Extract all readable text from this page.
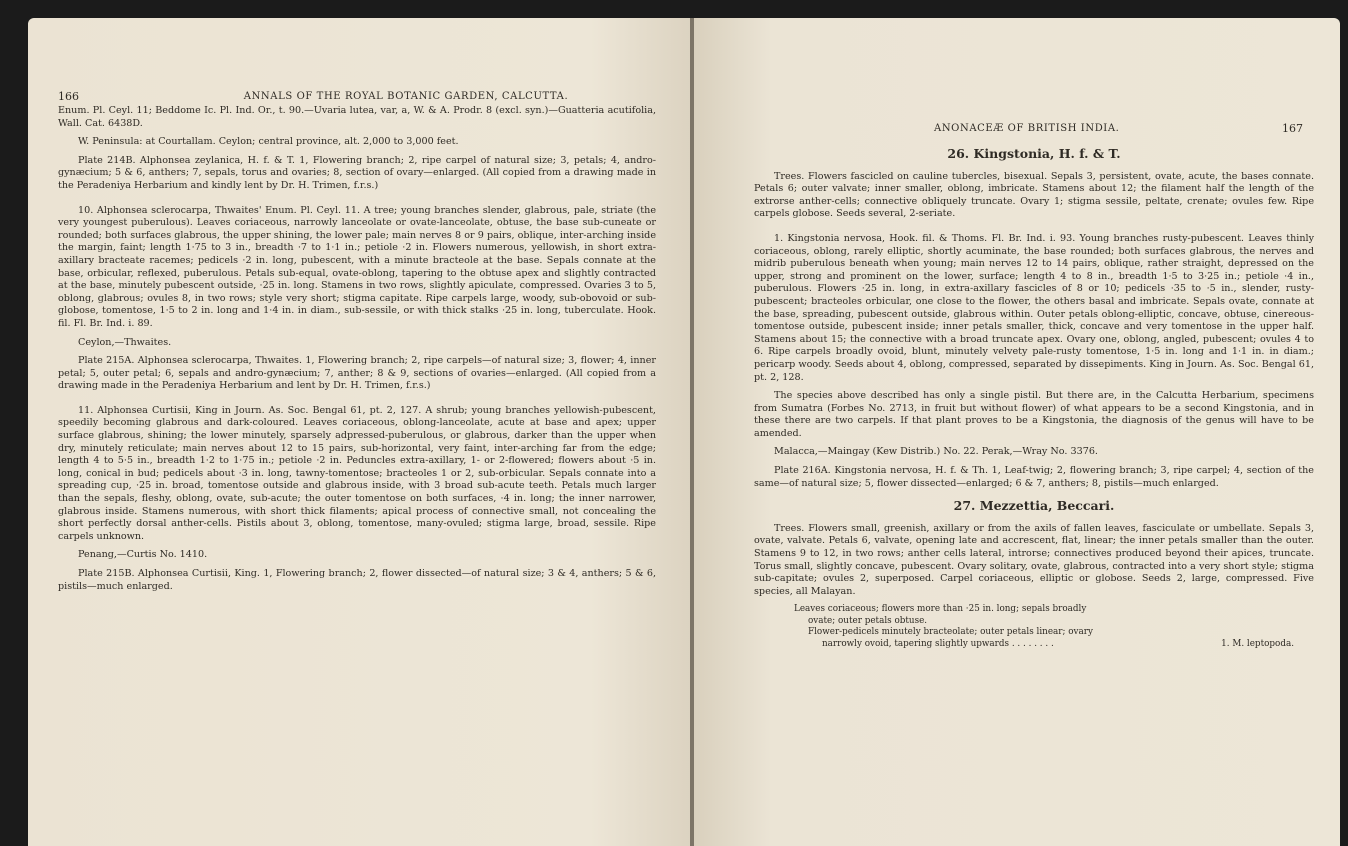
166	ANNALS OF THE ROYAL BOTANIC GARDEN, CALCUTTA.

Enum. Pl. Ceyl. 11; Beddome Ic. Pl. Ind. Or., t. 90.—Uvaria lutea, var, a, W. & A. Prodr. 8 (excl. syn.)—Guatteria acutifolia, Wall. Cat. 6438D.

W. Peninsula: at Courtallam. Ceylon; central province, alt. 2,000 to 3,000 feet.

Plate 214B. Alphonsea zeylanica, H. f. & T. 1, Flowering branch; 2, ripe carpel of natural size; 3, petals; 4, andro-gynæcium; 5 & 6, anthers; 7, sepals, torus and ovaries; 8, section of ovary—enlarged. (All copied from a drawing made in the Peradeniya Herbarium and kindly lent by Dr. H. Trimen, f.r.s.)

10. Alphonsea sclerocarpa, Thwaites' Enum. Pl. Ceyl. 11. A tree; young branches slender, glabrous, pale, striate (the very youngest puberulous). Leaves coriaceous, narrowly lanceolate or ovate-lanceolate, obtuse, the base sub-cuneate or rounded; both surfaces glabrous, the upper shining, the lower pale; main nerves 8 or 9 pairs, oblique, inter-arching inside the margin, faint; length 1·75 to 3 in., breadth ·7 to 1·1 in.; petiole ·2 in. Flowers numerous, yellowish, in short extra-axillary bracteate racemes; pedicels ·2 in. long, pubescent, with a minute bracteole at the base. Sepals connate at the base, orbicular, reflexed, puberulous. Petals sub-equal, ovate-oblong, tapering to the obtuse apex and slightly contracted at the base, minutely pubescent outside, ·25 in. long. Stamens in two rows, slightly apiculate, compressed. Ovaries 3 to 5, oblong, glabrous; ovules 8, in two rows; style very short; stigma capitate. Ripe carpels large, woody, sub-obovoid or sub-globose, tomentose, 1·5 to 2 in. long and 1·4 in. in diam., sub-sessile, or with thick stalks ·25 in. long, tuberculate. Hook. fil. Fl. Br. Ind. i. 89.

Ceylon,—Thwaites.

Plate 215A. Alphonsea sclerocarpa, Thwaites. 1, Flowering branch; 2, ripe carpels—of natural size; 3, flower; 4, inner petal; 5, outer petal; 6, sepals and andro-gynæcium; 7, anther; 8 & 9, sections of ovaries—enlarged. (All copied from a drawing made in the Peradeniya Herbarium and lent by Dr. H. Trimen, f.r.s.)

11. Alphonsea Curtisii, King in Journ. As. Soc. Bengal 61, pt. 2, 127. A shrub; young branches yellowish-pubescent, speedily becoming glabrous and dark-coloured. Leaves coriaceous, oblong-lanceolate, acute at base and apex; upper surface glabrous, shining; the lower minutely, sparsely adpressed-puberulous, or glabrous, darker than the upper when dry, minutely reticulate; main nerves about 12 to 15 pairs, sub-horizontal, very faint, inter-arching far from the edge; length 4 to 5·5 in., breadth 1·2 to 1·75 in.; petiole ·2 in. Peduncles extra-axillary, 1- or 2-flowered; flowers about ·5 in. long, conical in bud; pedicels about ·3 in. long, tawny-tomentose; bracteoles 1 or 2, sub-orbicular. Sepals connate into a spreading cup, ·25 in. broad, tomentose outside and glabrous inside, with 3 broad sub-acute teeth. Petals much larger than the sepals, fleshy, oblong, ovate, sub-acute; the outer tomentose on both surfaces, ·4 in. long; the inner narrower, glabrous inside. Stamens numerous, with short thick filaments; apical process of connective small, not concealing the short perfectly dorsal anther-cells. Pistils about 3, oblong, tomentose, many-ovuled; stigma large, broad, sessile. Ripe carpels unknown.

Penang,—Curtis No. 1410.

Plate 215B. Alphonsea Curtisii, King. 1, Flowering branch; 2, flower dissected—of natural size; 3 & 4, anthers; 5 & 6, pistils—much enlarged.

ANONACEÆ OF BRITISH INDIA.	167
26. Kingstonia, H. f. & T.

Trees. Flowers fascicled on cauline tubercles, bisexual. Sepals 3, persistent, ovate, acute, the bases connate. Petals 6; outer valvate; inner smaller, oblong, imbricate. Stamens about 12; the filament half the length of the extrorse anther-cells; connective obliquely truncate. Ovary 1; stigma sessile, peltate, crenate; ovules few. Ripe carpels globose. Seeds several, 2-seriate.

1. Kingstonia nervosa, Hook. fil. & Thoms. Fl. Br. Ind. i. 93. Young branches rusty-pubescent. Leaves thinly coriaceous, oblong, rarely elliptic, shortly acuminate, the base rounded; both surfaces glabrous, the nerves and midrib puberulous beneath when young; main nerves 12 to 14 pairs, oblique, rather straight, depressed on the upper, strong and prominent on the lower, surface; length 4 to 8 in., breadth 1·5 to 3·25 in.; petiole ·4 in., puberulous. Flowers ·25 in. long, in extra-axillary fascicles of 8 or 10; pedicels ·35 to ·5 in., slender, rusty-pubescent; bracteoles orbicular, one close to the flower, the others basal and imbricate. Sepals ovate, connate at the base, spreading, pubescent outside, glabrous within. Outer petals oblong-elliptic, concave, obtuse, cinereous-tomentose outside, pubescent inside; inner petals smaller, thick, concave and very tomentose in the upper half. Stamens about 15; the connective with a broad truncate apex. Ovary one, oblong, angled, pubescent; ovules 4 to 6. Ripe carpels broadly ovoid, blunt, minutely velvety pale-rusty tomentose, 1·5 in. long and 1·1 in. in diam.; pericarp woody. Seeds about 4, oblong, compressed, separated by dissepiments. King in Journ. As. Soc. Bengal 61, pt. 2, 128.

The species above described has only a single pistil. But there are, in the Calcutta Herbarium, specimens from Sumatra (Forbes No. 2713, in fruit but without flower) of what appears to be a second Kingstonia, and in these there are two carpels. If that plant proves to be a Kingstonia, the diagnosis of the genus will have to be amended.

Malacca,—Maingay (Kew Distrib.) No. 22. Perak,—Wray No. 3376.

Plate 216A. Kingstonia nervosa, H. f. & Th. 1, Leaf-twig; 2, flowering branch; 3, ripe carpel; 4, section of the same—of natural size; 5, flower dissected—enlarged; 6 & 7, anthers; 8, pistils—much enlarged.

27. Mezzettia, Beccari.

Trees. Flowers small, greenish, axillary or from the axils of fallen leaves, fasciculate or umbellate. Sepals 3, ovate, valvate. Petals 6, valvate, opening late and accrescent, flat, linear; the inner petals smaller than the outer. Stamens 9 to 12, in two rows; anther cells lateral, introrse; connectives produced beyond their apices, truncate. Torus small, slightly concave, pubescent. Ovary solitary, ovate, glabrous, contracted into a very short style; stigma sub-capitate; ovules 2, superposed. Carpel coriaceous, elliptic or globose. Seeds 2, large, compressed. Five species, all Malayan.

Leaves coriaceous; flowers more than ·25 in. long; sepals broadly
ovate; outer petals obtuse.
Flower-pedicels minutely bracteolate; outer petals linear; ovary
narrowly ovoid, tapering slightly upwards . . . . . . . .	1. M. leptopoda.
